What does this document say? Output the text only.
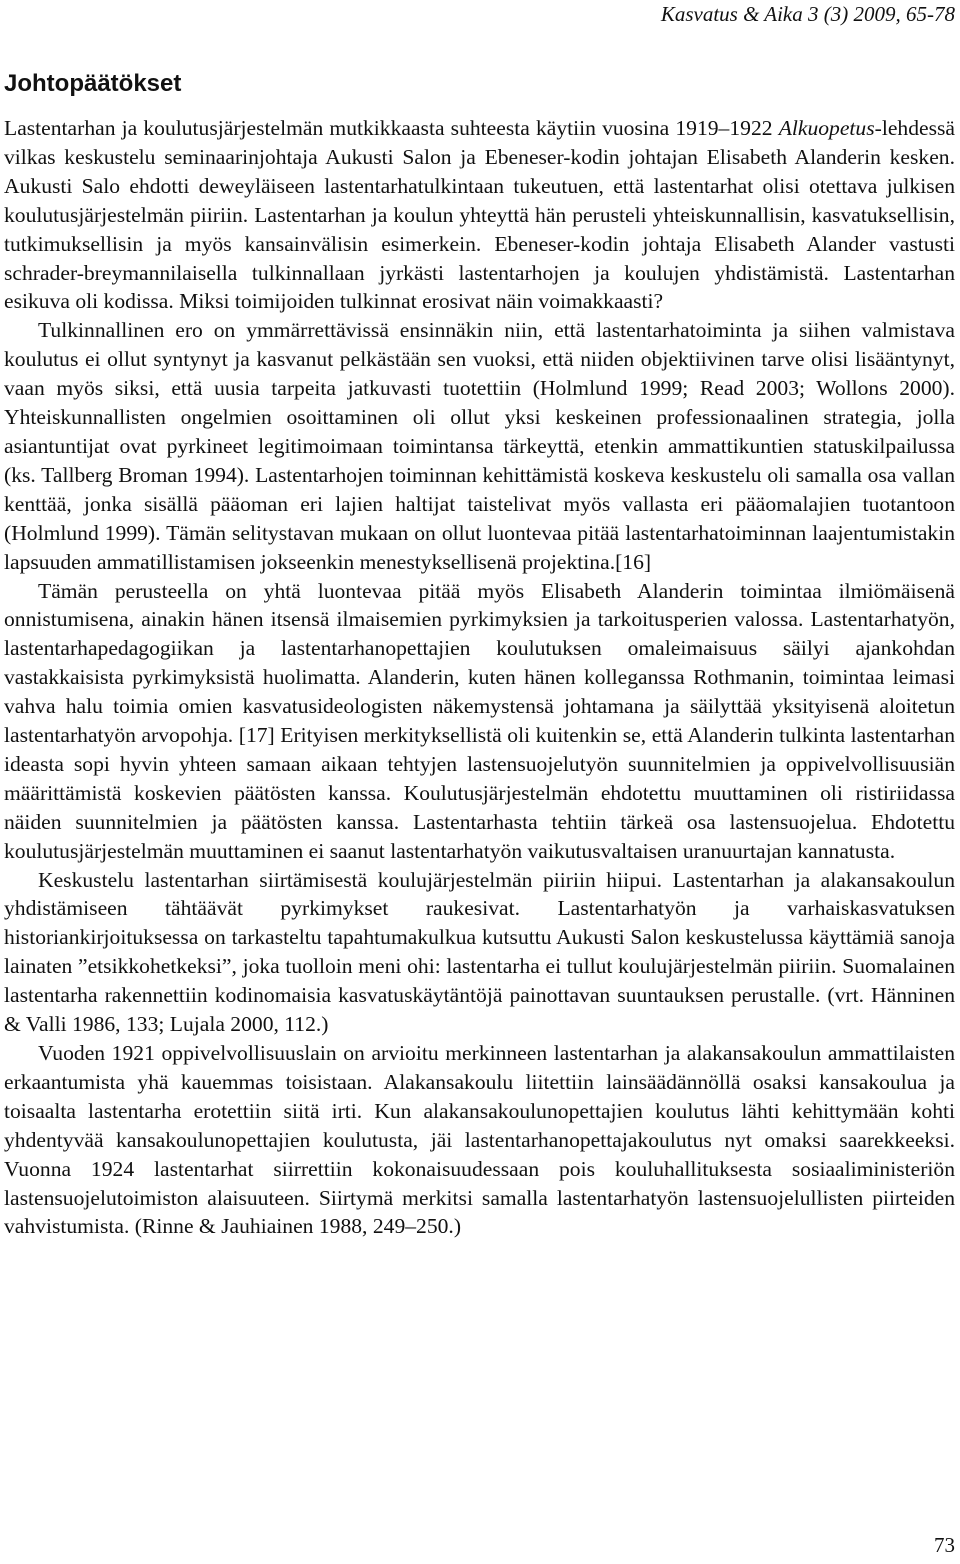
Kasvatus & Aika 3 (3) 2009, 65-78
Johtopäätökset

Lastentarhan ja koulutusjärjestelmän mutkikkaasta suhteesta käytiin vuosina 1919–1922 Alkuopetus-lehdessä vilkas keskustelu seminaarinjohtaja Aukusti Salon ja Ebeneser-kodin johtajan Elisabeth Alanderin kesken. Aukusti Salo ehdotti deweyläiseen lastentarhatulkintaan tukeutuen, että lastentarhat olisi otettava julkisen koulutusjärjestelmän piiriin. Lastentarhan ja koulun yhteyttä hän perusteli yhteiskunnallisin, kasvatuksellisin, tutkimuksellisin ja myös kansainvälisin esimerkein. Ebeneser-kodin johtaja Elisabeth Alander vastusti schrader-breymannilaisella tulkinnallaan jyrkästi lastentarhojen ja koulujen yhdistämistä. Lastentarhan esikuva oli kodissa. Miksi toimijoiden tulkinnat erosivat näin voimakkaasti?

Tulkinnallinen ero on ymmärrettävissä ensinnäkin niin, että lastentarhatoiminta ja siihen valmistava koulutus ei ollut syntynyt ja kasvanut pelkästään sen vuoksi, että niiden objektiivinen tarve olisi lisääntynyt, vaan myös siksi, että uusia tarpeita jatkuvasti tuotettiin (Holmlund 1999; Read 2003; Wollons 2000). Yhteiskunnallisten ongelmien osoittaminen oli ollut yksi keskeinen professionaalinen strategia, jolla asiantuntijat ovat pyrkineet legitimoimaan toimintansa tärkeyttä, etenkin ammattikuntien statuskilpailussa (ks. Tallberg Broman 1994). Lastentarhojen toiminnan kehittämistä koskeva keskustelu oli samalla osa vallan kenttää, jonka sisällä pääoman eri lajien haltijat taistelivat myös vallasta eri pääomalajien tuotantoon (Holmlund 1999). Tämän selitystavan mukaan on ollut luontevaa pitää lastentarhatoiminnan laajentumistakin lapsuuden ammatillistamisen jokseenkin menestyksellisenä projektina.[16]

Tämän perusteella on yhtä luontevaa pitää myös Elisabeth Alanderin toimintaa ilmiömäisenä onnistumisena, ainakin hänen itsensä ilmaisemien pyrkimyksien ja tarkoitusperien valossa. Lastentarhatyön, lastentarhapedagogiikan ja lastentarhanopettajien koulutuksen omaleimaisuus säilyi ajankohdan vastakkaisista pyrkimyksistä huolimatta. Alanderin, kuten hänen kolleganssa Rothmanin, toimintaa leimasi vahva halu toimia omien kasvatusideologisten näkemystensä johtamana ja säilyttää yksityisenä aloitetun lastentarhatyön arvopohja. [17] Erityisen merkityksellistä oli kuitenkin se, että Alanderin tulkinta lastentarhan ideasta sopi hyvin yhteen samaan aikaan tehtyjen lastensuojelutyön suunnitelmien ja oppivelvollisuusiän määrittämistä koskevien päätösten kanssa. Koulutusjärjestelmän ehdotettu muuttaminen oli ristiriidassa näiden suunnitelmien ja päätösten kanssa. Lastentarhasta tehtiin tärkeä osa lastensuojelua. Ehdotettu koulutusjärjestelmän muuttaminen ei saanut lastentarhatyön vaikutusvaltaisen uranuurtajan kannatusta.

Keskustelu lastentarhan siirtämisestä koulujärjestelmän piiriin hiipui. Lastentarhan ja alakansakoulun yhdistämiseen tähtäävät pyrkimykset raukesivat. Lastentarhatyön ja varhaiskasvatuksen historiankirjoituksessa on tarkasteltu tapahtumakulkua kutsuttu Aukusti Salon keskustelussa käyttämiä sanoja lainaten ”etsikkohetkeksi”, joka tuolloin meni ohi: lastentarha ei tullut koulujärjestelmän piiriin. Suomalainen lastentarha rakennettiin kodinomaisia kasvatuskäytäntöjä painottavan suuntauksen perustalle. (vrt. Hänninen & Valli 1986, 133; Lujala 2000, 112.)

Vuoden 1921 oppivelvollisuuslain on arvioitu merkinneen lastentarhan ja alakansakoulun ammattilaisten erkaantumista yhä kauemmas toisistaan. Alakansakoulu liitettiin lainsäädännöllä osaksi kansakoulua ja toisaalta lastentarha erotettiin siitä irti. Kun alakansakoulunopettajien koulutus lähti kehittymään kohti yhdentyvää kansakoulunopettajien koulutusta, jäi lastentarhanopettajakoulutus nyt omaksi saarekkeeksi. Vuonna 1924 lastentarhat siirrettiin kokonaisuudessaan pois kouluhallituksesta sosiaaliministeriön lastensuojelutoimiston alaisuuteen. Siirtymä merkitsi samalla lastentarhatyön lastensuojelullisten piirteiden vahvistumista. (Rinne & Jauhiainen 1988, 249–250.)

73
